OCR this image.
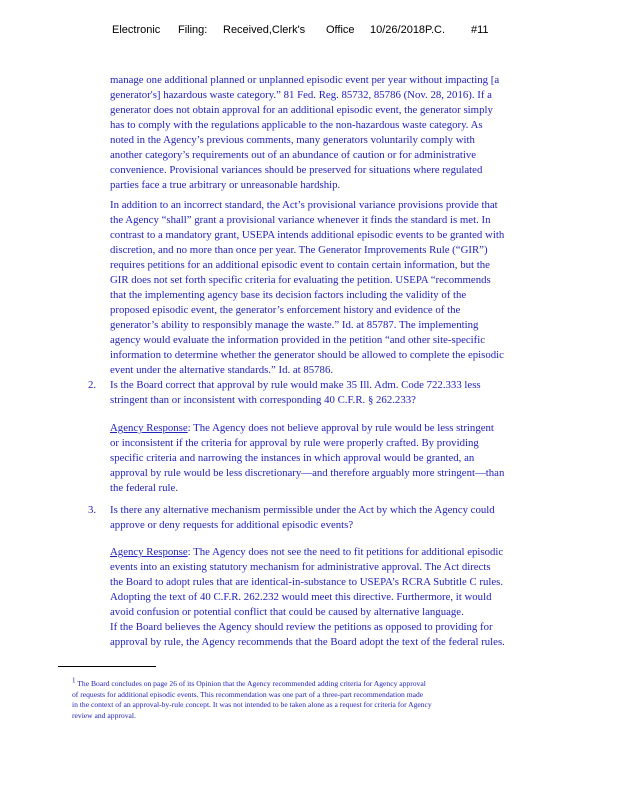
Electronic Filing: Received,Clerk's Office 10/26/2018P.C. #11

manage one additional planned or unplanned episodic event per year without impacting [a

generator's] hazardous waste category.” 81 Fed. Reg. 85732, 85786 (Nov. 28, 2016). If a

generator does not obtain approval for an additional episodic event, the generator simply

has to comply with the regulations applicable to the non-hazardous waste category. As

noted in the Agency’s previous comments, many generators voluntarily comply with

another category’s requirements out of an abundance of caution or for administrative

convenience. Provisional variances should be preserved for situations where regulated

parties face a true arbitrary or unreasonable hardship.

In addition to an incorrect standard, the Act’s provisional variance provisions provide that

the Agency “shall” grant a provisional variance whenever it finds the standard is met. In

contrast to a mandatory grant, USEPA intends additional episodic events to be granted with

discretion, and no more than once per year. The Generator Improvements Rule (“GIR”)

requires petitions for an additional episodic event to contain certain information, but the

GIR does not set forth specific criteria for evaluating the petition. USEPA “recommends

that the implementing agency base its decision factors including the validity of the

proposed episodic event, the generator’s enforcement history and evidence of the

generator’s ability to responsibly manage the waste.” Id. at 85787. The implementing

agency would evaluate the information provided in the petition “and other site-specific

information to determine whether the generator should be allowed to complete the episodic

event under the alternative standards.” Id. at 85786.

2. Is the Board correct that approval by rule would make 35 Ill. Adm. Code 722.333 less

stringent than or inconsistent with corresponding 40 C.F.R. § 262.233?

Agency Response: The Agency does not believe approval by rule would be less stringent

or inconsistent if the criteria for approval by rule were properly crafted. By providing

specific criteria and narrowing the instances in which approval would be granted, an

approval by rule would be less discretionary—and therefore arguably more stringent—than

the federal rule.

3. Is there any alternative mechanism permissible under the Act by which the Agency could

approve or deny requests for additional episodic events?

Agency Response: The Agency does not see the need to fit petitions for additional episodic

events into an existing statutory mechanism for administrative approval. The Act directs

the Board to adopt rules that are identical-in-substance to USEPA’s RCRA Subtitle C rules.

Adopting the text of 40 C.F.R. 262.232 would meet this directive. Furthermore, it would

avoid confusion or potential conflict that could be caused by alternative language.

If the Board believes the Agency should review the petitions as opposed to providing for

approval by rule, the Agency recommends that the Board adopt the text of the federal rules.

$^1$ The Board concludes on page 26 of its Opinion that the Agency recommended adding criteria for Agency approval

of requests for additional episodic events. This recommendation was one part of a three-part recommendation made

in the context of an approval-by-rule concept. It was not intended to be taken alone as a request for criteria for Agency

review and approval.
